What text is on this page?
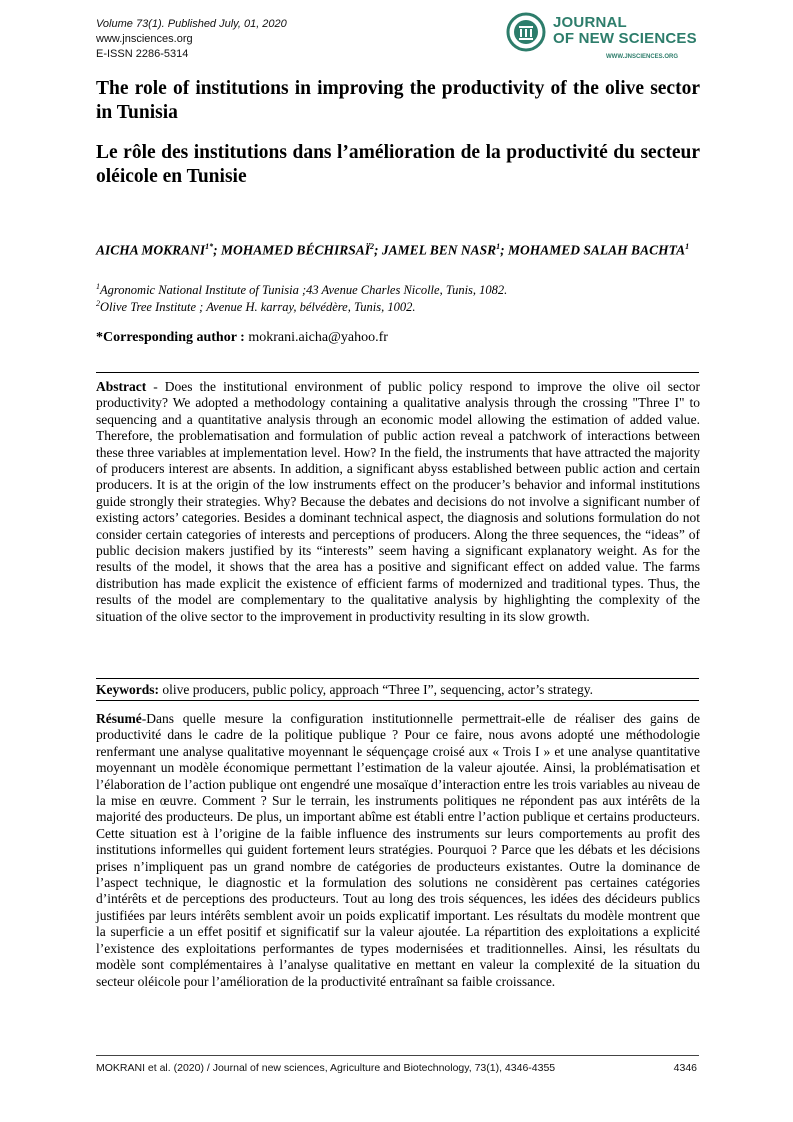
Volume 73(1). Published July, 01, 2020
www.jnsciences.org
E-ISSN 2286-5314
JOURNAL
OF NEW SCIENCES
WWW.JNSCIENCES.ORG
The role of institutions in improving the productivity of the olive sector in Tunisia
Le rôle des institutions dans l’amélioration de la productivité du secteur oléicole en Tunisie
AICHA $MOKRANI^{1*}$; MOHAMED BÉCHIRSAÏ$^2$; JAMEL BEN NASR$^1$; MOHAMED SALAH BACHTA$^1$
$^1$Agronomic National Institute of Tunisia ;43 Avenue Charles Nicolle, Tunis, 1082.
$^2$Olive Tree Institute ; Avenue H. karray, bélvédère, Tunis, 1002.
*Corresponding author : mokrani.aicha@yahoo.fr
Abstract - Does the institutional environment of public policy respond to improve the olive oil sector productivity? We adopted a methodology containing a qualitative analysis through the crossing "Three I" to sequencing and a quantitative analysis through an economic model allowing the estimation of added value. Therefore, the problematisation and formulation of public action reveal a patchwork of interactions between these three variables at implementation level. How? In the field, the instruments that have attracted the majority of producers interest are absents. In addition, a significant abyss established between public action and certain producers. It is at the origin of the low instruments effect on the producer’s behavior and informal institutions guide strongly their strategies. Why? Because the debates and decisions do not involve a significant number of existing actors’ categories. Besides a dominant technical aspect, the diagnosis and solutions formulation do not consider certain categories of interests and perceptions of producers. Along the three sequences, the “ideas” of public decision makers justified by its “interests” seem having a significant explanatory weight. As for the results of the model, it shows that the area has a positive and significant effect on added value. The farms distribution has made explicit the existence of efficient farms of modernized and traditional types. Thus, the results of the model are complementary to the qualitative analysis by highlighting the complexity of the situation of the olive sector to the improvement in productivity resulting in its slow growth.
Keywords: olive producers, public policy, approach “Three I”, sequencing, actor’s strategy.
Résumé-Dans quelle mesure la configuration institutionnelle permettrait-elle de réaliser des gains de productivité dans le cadre de la politique publique ? Pour ce faire, nous avons adopté une méthodologie renfermant une analyse qualitative moyennant le séquençage croisé aux « Trois I » et une analyse quantitative moyennant un modèle économique permettant l’estimation de la valeur ajoutée. Ainsi, la problématisation et l’élaboration de l’action publique ont engendré une mosaïque d’interaction entre les trois variables au niveau de la mise en œuvre. Comment ? Sur le terrain, les instruments politiques ne répondent pas aux intérêts de la majorité des producteurs. De plus, un important abîme est établi entre l’action publique et certains producteurs. Cette situation est à l’origine de la faible influence des instruments sur leurs comportements au profit des institutions informelles qui guident fortement leurs stratégies. Pourquoi ? Parce que les débats et les décisions prises n’impliquent pas un grand nombre de catégories de producteurs existantes. Outre la dominance de l’aspect technique, le diagnostic et la formulation des solutions ne considèrent pas certaines catégories d’intérêts et de perceptions des producteurs. Tout au long des trois séquences, les idées des décideurs publics justifiées par leurs intérêts semblent avoir un poids explicatif important. Les résultats du modèle montrent que la superficie a un effet positif et significatif sur la valeur ajoutée. La répartition des exploitations a explicité l’existence des exploitations performantes de types modernisées et traditionnelles. Ainsi, les résultats du modèle sont complémentaires à l’analyse qualitative en mettant en valeur la complexité de la situation du secteur oléicole pour l’amélioration de la productivité entraînant sa faible croissance.
MOKRANI et al. (2020) / Journal of new sciences, Agriculture and Biotechnology, 73(1), 4346-4355	4346
